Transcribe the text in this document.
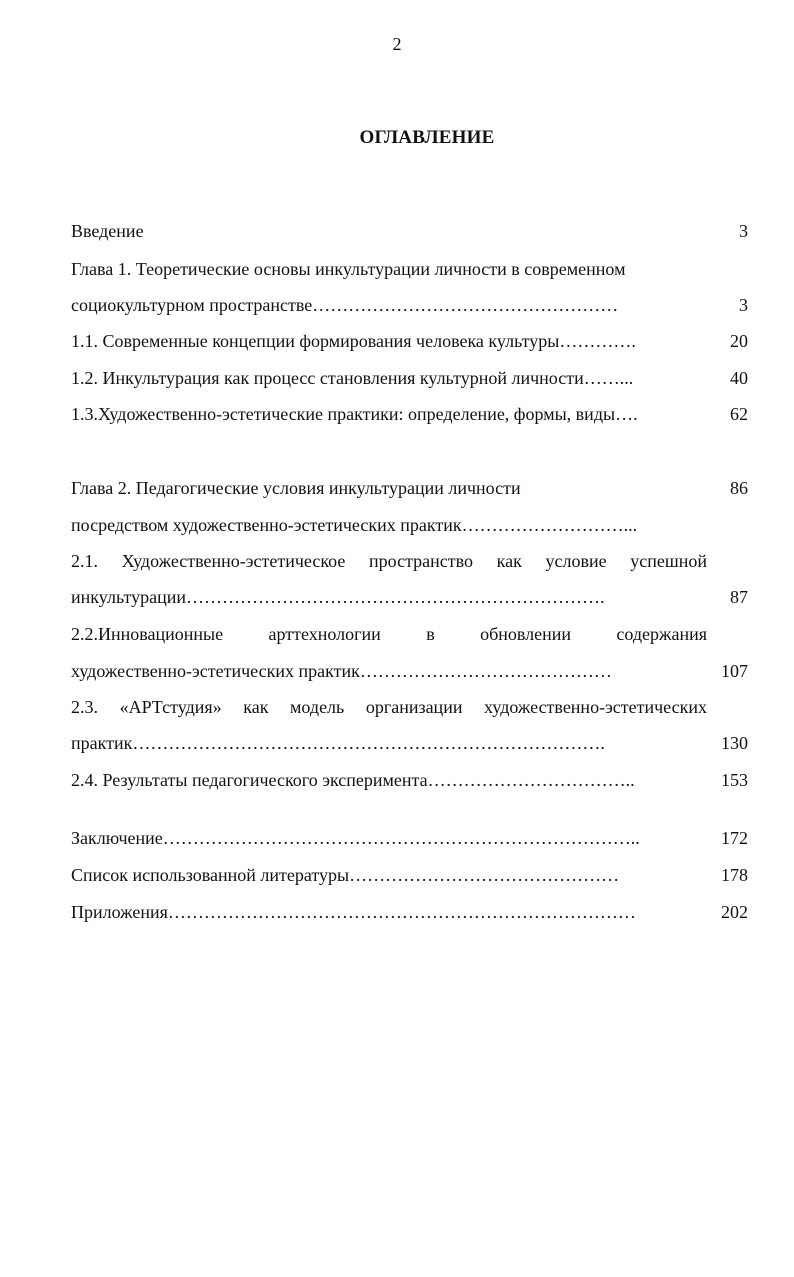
2
ОГЛАВЛЕНИЕ
Введение	3
Глава 1. Теоретические основы инкультурации личности в современном
социокультурном пространстве……………………………………………	3
1.1. Современные концепции формирования человека культуры………….	20
1.2. Инкультурация как процесс становления культурной личности……...	40
1.3.Художественно-эстетические практики: определение, формы, виды….	62
Глава 2. Педагогические условия инкультурации личности	86
посредством художественно-эстетических практик………………………...
2.1. Художественно-эстетическое пространство как условие успешной
инкультурации…………………………………………………………….	87
2.2.Инновационные арттехнологии в обновлении содержания
художественно-эстетических практик……………………………………	107
2.3. «АРТстудия» как модель организации художественно-эстетических
практик…………………………………………………………………….	130
2.4. Результаты педагогического эксперимента……………………………..	153
Заключение……………………………………………………………………..	172
Список использованной литературы………………………………………	178
Приложения……………………………………………………………………	202
